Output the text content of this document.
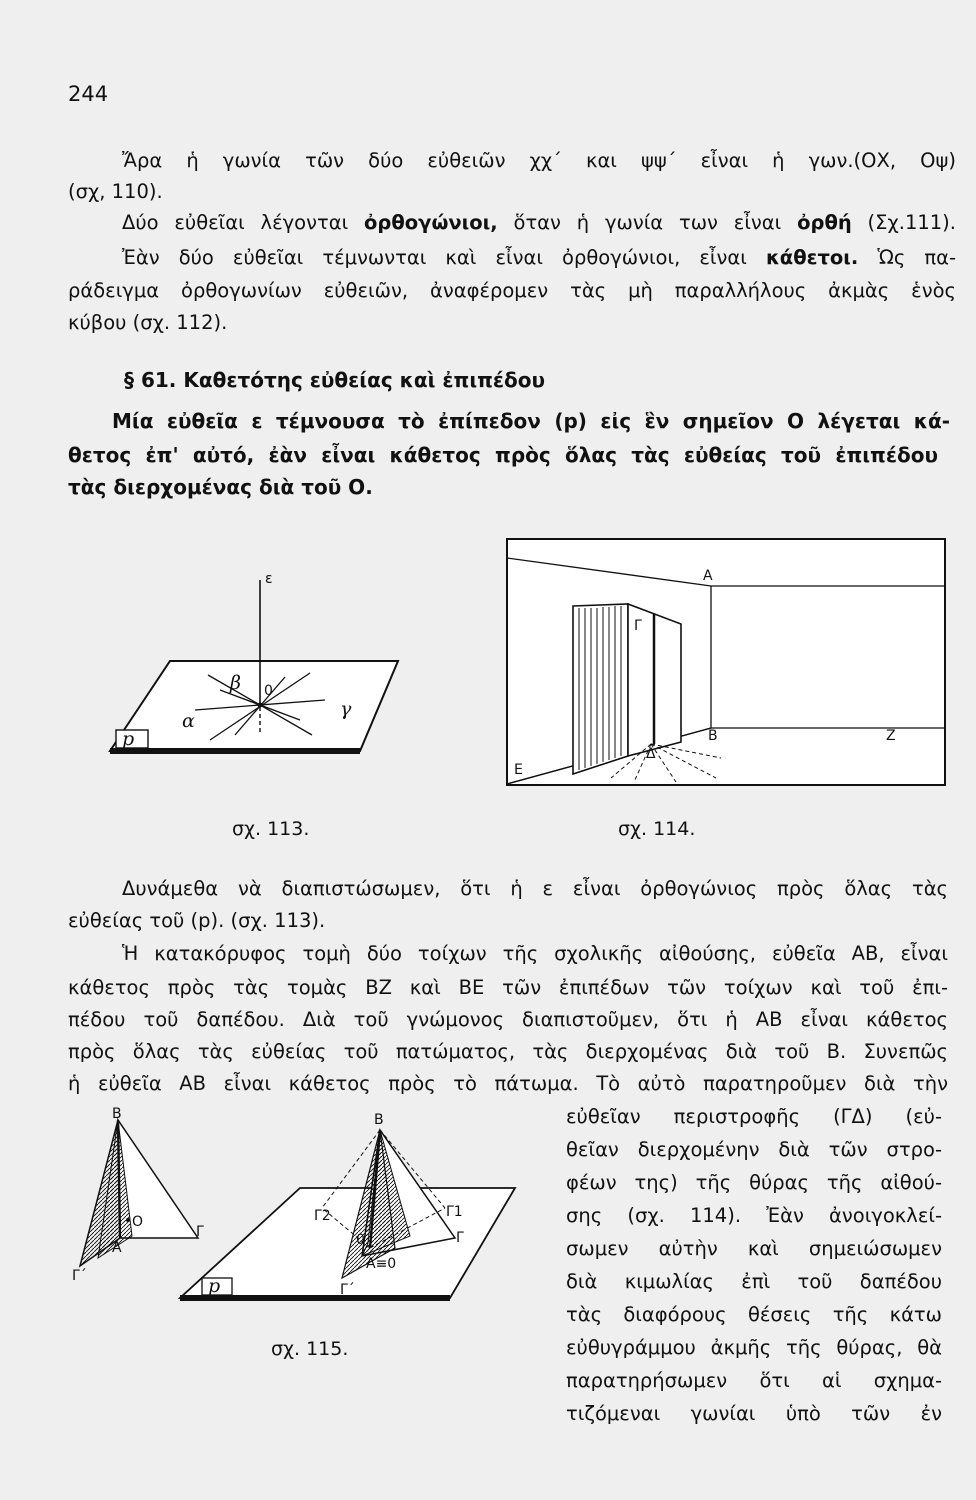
244
Ἄρα ἡ γωνία τῶν δύο εὐθειῶν χχ΄ και ψψ΄ εἶναι ἡ γων.(ΟΧ, Οψ)
(σχ, 110).
Δύο εὐθεῖαι λέγονται ὀρθογώνιοι, ὅταν ἡ γωνία των εἶναι ὀρθή (Σχ.111).
Ἐὰν δύο εὐθεῖαι τέμνωνται καὶ εἶναι ὀρθογώνιοι, εἶναι κάθετοι. Ὡς πα-
ράδειγμα ὀρθογωνίων εὐθειῶν, ἀναφέρομεν τὰς μὴ παραλλήλους ἀκμὰς ἑνὸς
κύβου (σχ. 112).
§ 61. Καθετότης εὐθείας καὶ ἐπιπέδου
Μία εὐθεῖα ε τέμνουσα τὸ ἐπίπεδον (p) εἰς ἓν σημεῖον Ο λέγεται κά-
θετος ἐπ' αὐτό, ἐὰν εἶναι κάθετος πρὸς ὅλας τὰς εὐθείας τοῦ ἐπιπέδου
τὰς διερχομένας διὰ τοῦ Ο.
ε
0
β
α
γ
p
σχ. 113.
Α
Γ
Β	Ζ
Δ
Ε
σχ. 114.
Δυνάμεθα νὰ διαπιστώσωμεν, ὅτι ἡ ε εἶναι ὀρθογώνιος πρὸς ὅλας τὰς
εὐθείας τοῦ (p). (σχ. 113).
Ἡ κατακόρυφος τομὴ δύο τοίχων τῆς σχολικῆς αἰθούσης, εὐθεῖα ΑΒ, εἶναι
κάθετος πρὸς τὰς τομὰς ΒΖ καὶ ΒΕ τῶν ἐπιπέδων τῶν τοίχων καὶ τοῦ ἐπι-
πέδου τοῦ δαπέδου. Διὰ τοῦ γνώμονος διαπιστοῦμεν, ὅτι ἡ ΑΒ εἶναι κάθετος
πρὸς ὅλας τὰς εὐθείας τοῦ πατώματος, τὰς διερχομένας διὰ τοῦ Β. Συνεπῶς
ἡ εὐθεῖα ΑΒ εἶναι κάθετος πρὸς τὸ πάτωμα. Τὸ αὐτὸ παρατηροῦμεν διὰ τὴν
εὐθεῖαν περιστροφῆς (ΓΔ) (εὐ-
θεῖαν διερχομένην διὰ τῶν στρο-
φέων της) τῆς θύρας τῆς αἰθού-
σης (σχ. 114). Ἐὰν ἀνοιγοκλεί-
σωμεν αὐτὴν καὶ σημειώσωμεν
διὰ κιμωλίας ἐπὶ τοῦ δαπέδου
τὰς διαφόρους θέσεις τῆς κάτω
εὐθυγράμμου ἀκμῆς τῆς θύρας, θὰ
παρατηρήσωμεν ὅτι αἱ σχημα-
τιζόμεναι γωνίαι ὑπὸ τῶν ἐν
Β
Ο
Α
Γ
Γ΄
Β
Γ2	Γ1
Γ
0
Α≡0
Γ΄
p
σχ. 115.
